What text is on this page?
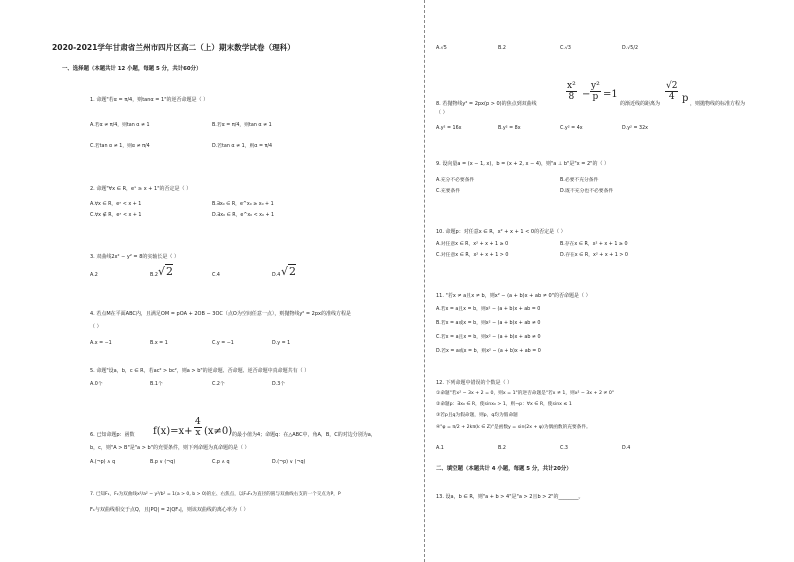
2020-2021学年甘肃省兰州市四片区高二（上）期末数学试卷（理科）
一、选择题（本题共计 12 小题，每题 5 分，共计60分）
1. 命题"若α = π/4，则tanα = 1"的逆否命题是（ ）
A.若α ≠ π/4，则tan α ≠ 1	B.若α = π/4，则tan α ≠ 1
C.若tan α ≠ 1，则α ≠ π/4	D.若tan α ≠ 1，则α = π/4
2. 命题"∀x ∈ R，eˣ ≥ x + 1"的否定是（ ）
A.∀x ∈ R，eˣ < x + 1	B.∃x₀ ∈ R，e^x₀ ≥ x₀ + 1
C.∀x ∉ R，eˣ < x + 1	D.∃x₀ ∈ R，e^x₀ < x₀ + 1
3. 双曲线2x² − y² = 8的实轴长是（ ）
A.2	B.2 √2	C.4	D.4 √2
4. 若点M在平面ABC内，且满足OM = pOA + 2OB − 3OC（点O为空间任意一点），则抛物线y² = 2px的准线方程是
（ ）
A.x = −1	B.x = 1	C.y = −1	D.y = 1
5. 命题"设a，b，c ∈ R，若ac² > bc²，则a > b"的逆命题、否命题、逆否命题中真命题共有（ ）
A.0个	B.1个	C.2个	D.3个
6. 已知命题p：函数 $f(x)=x+ \frac{4}{x} (x\ne 0)$ 的最小值为4；命题q：在△ABC中，角A，B，C的对边分别为a，
b，c，则"A > B"是"a > b"的充要条件，则下列命题为真命题的是（ ）
A.(¬p) ∧ q	B.p ∨ (¬q)	C.p ∧ q	D.(¬p) ∨ (¬q)
7. 已知F₁，F₂为双曲线x²/a² − y²/b² = 1(a > 0, b > 0)的左、右焦点，以F₁F₂为直径的圆与双曲线右支的一个交点为P，P
F₁与双曲线相交于点Q，且|PQ| = 2|QF₁|，则该双曲线的离心率为（ ）
A.√5	B.2	C.√3	D.√5/2
8. 若抛物线y² = 2px(p > 0)的焦点到双曲线
$\frac{\text{x²}}{8} - \frac{\text{y²}}{p} =1$
的渐近线的距离为
$\frac{√2}{4}$ p ，则抛物线的标准方程为
（ ）
A.y² = 16x	B.y² = 8x	C.y² = 4x	D.y² = 32x
9. 设向量a = (x − 1, x)，b = (x + 2, x − 4)，则"a ⊥ b"是"x = 2"的（ ）
A.充分不必要条件	B.必要不充分条件
C.充要条件	D.既不充分也不必要条件
10. 命题p：对任意x ∈ R，x² + x + 1 < 0的否定是（ ）
A.对任意x ∈ R，x² + x + 1 ≥ 0	B.存在x ∈ R，x² + x + 1 ≥ 0
C.对任意x ∈ R，x² + x + 1 > 0	D.存在x ∈ R，x² + x + 1 > 0
11. "若x ≠ a且x ≠ b，则x² − (a + b)x + ab ≠ 0"的否命题是（ ）
A.若x = a且x = b，则x² − (a + b)x + ab = 0
B.若x = a或x = b，则x² − (a + b)x + ab ≠ 0
C.若x = a且x = b，则x² − (a + b)x + ab ≠ 0
D.若x = a或x = b，则x² − (a + b)x + ab = 0
12. 下列命题中错误的个数是（ ）
①命题"若x² − 3x + 2 = 0，则x = 1"的逆否命题是"若x ≠ 1，则x² − 3x + 2 ≠ 0"
②命题p：∃x₀ ∈ R，使sinx₀ > 1，则¬p：∀x ∈ R，使sinx ≤ 1
③若p且q为假命题，则p，q均为假命题
④"φ = π/2 + 2kπ(k ∈ Z)"是函数y = sin(2x + φ)为偶函数的充要条件。
A.1	B.2	C.3	D.4
二、填空题（本题共计 4 小题，每题 5 分，共计20分）
13. 设a，b ∈ R，则"a + b > 4"是"a > 2且b > 2"的________。
